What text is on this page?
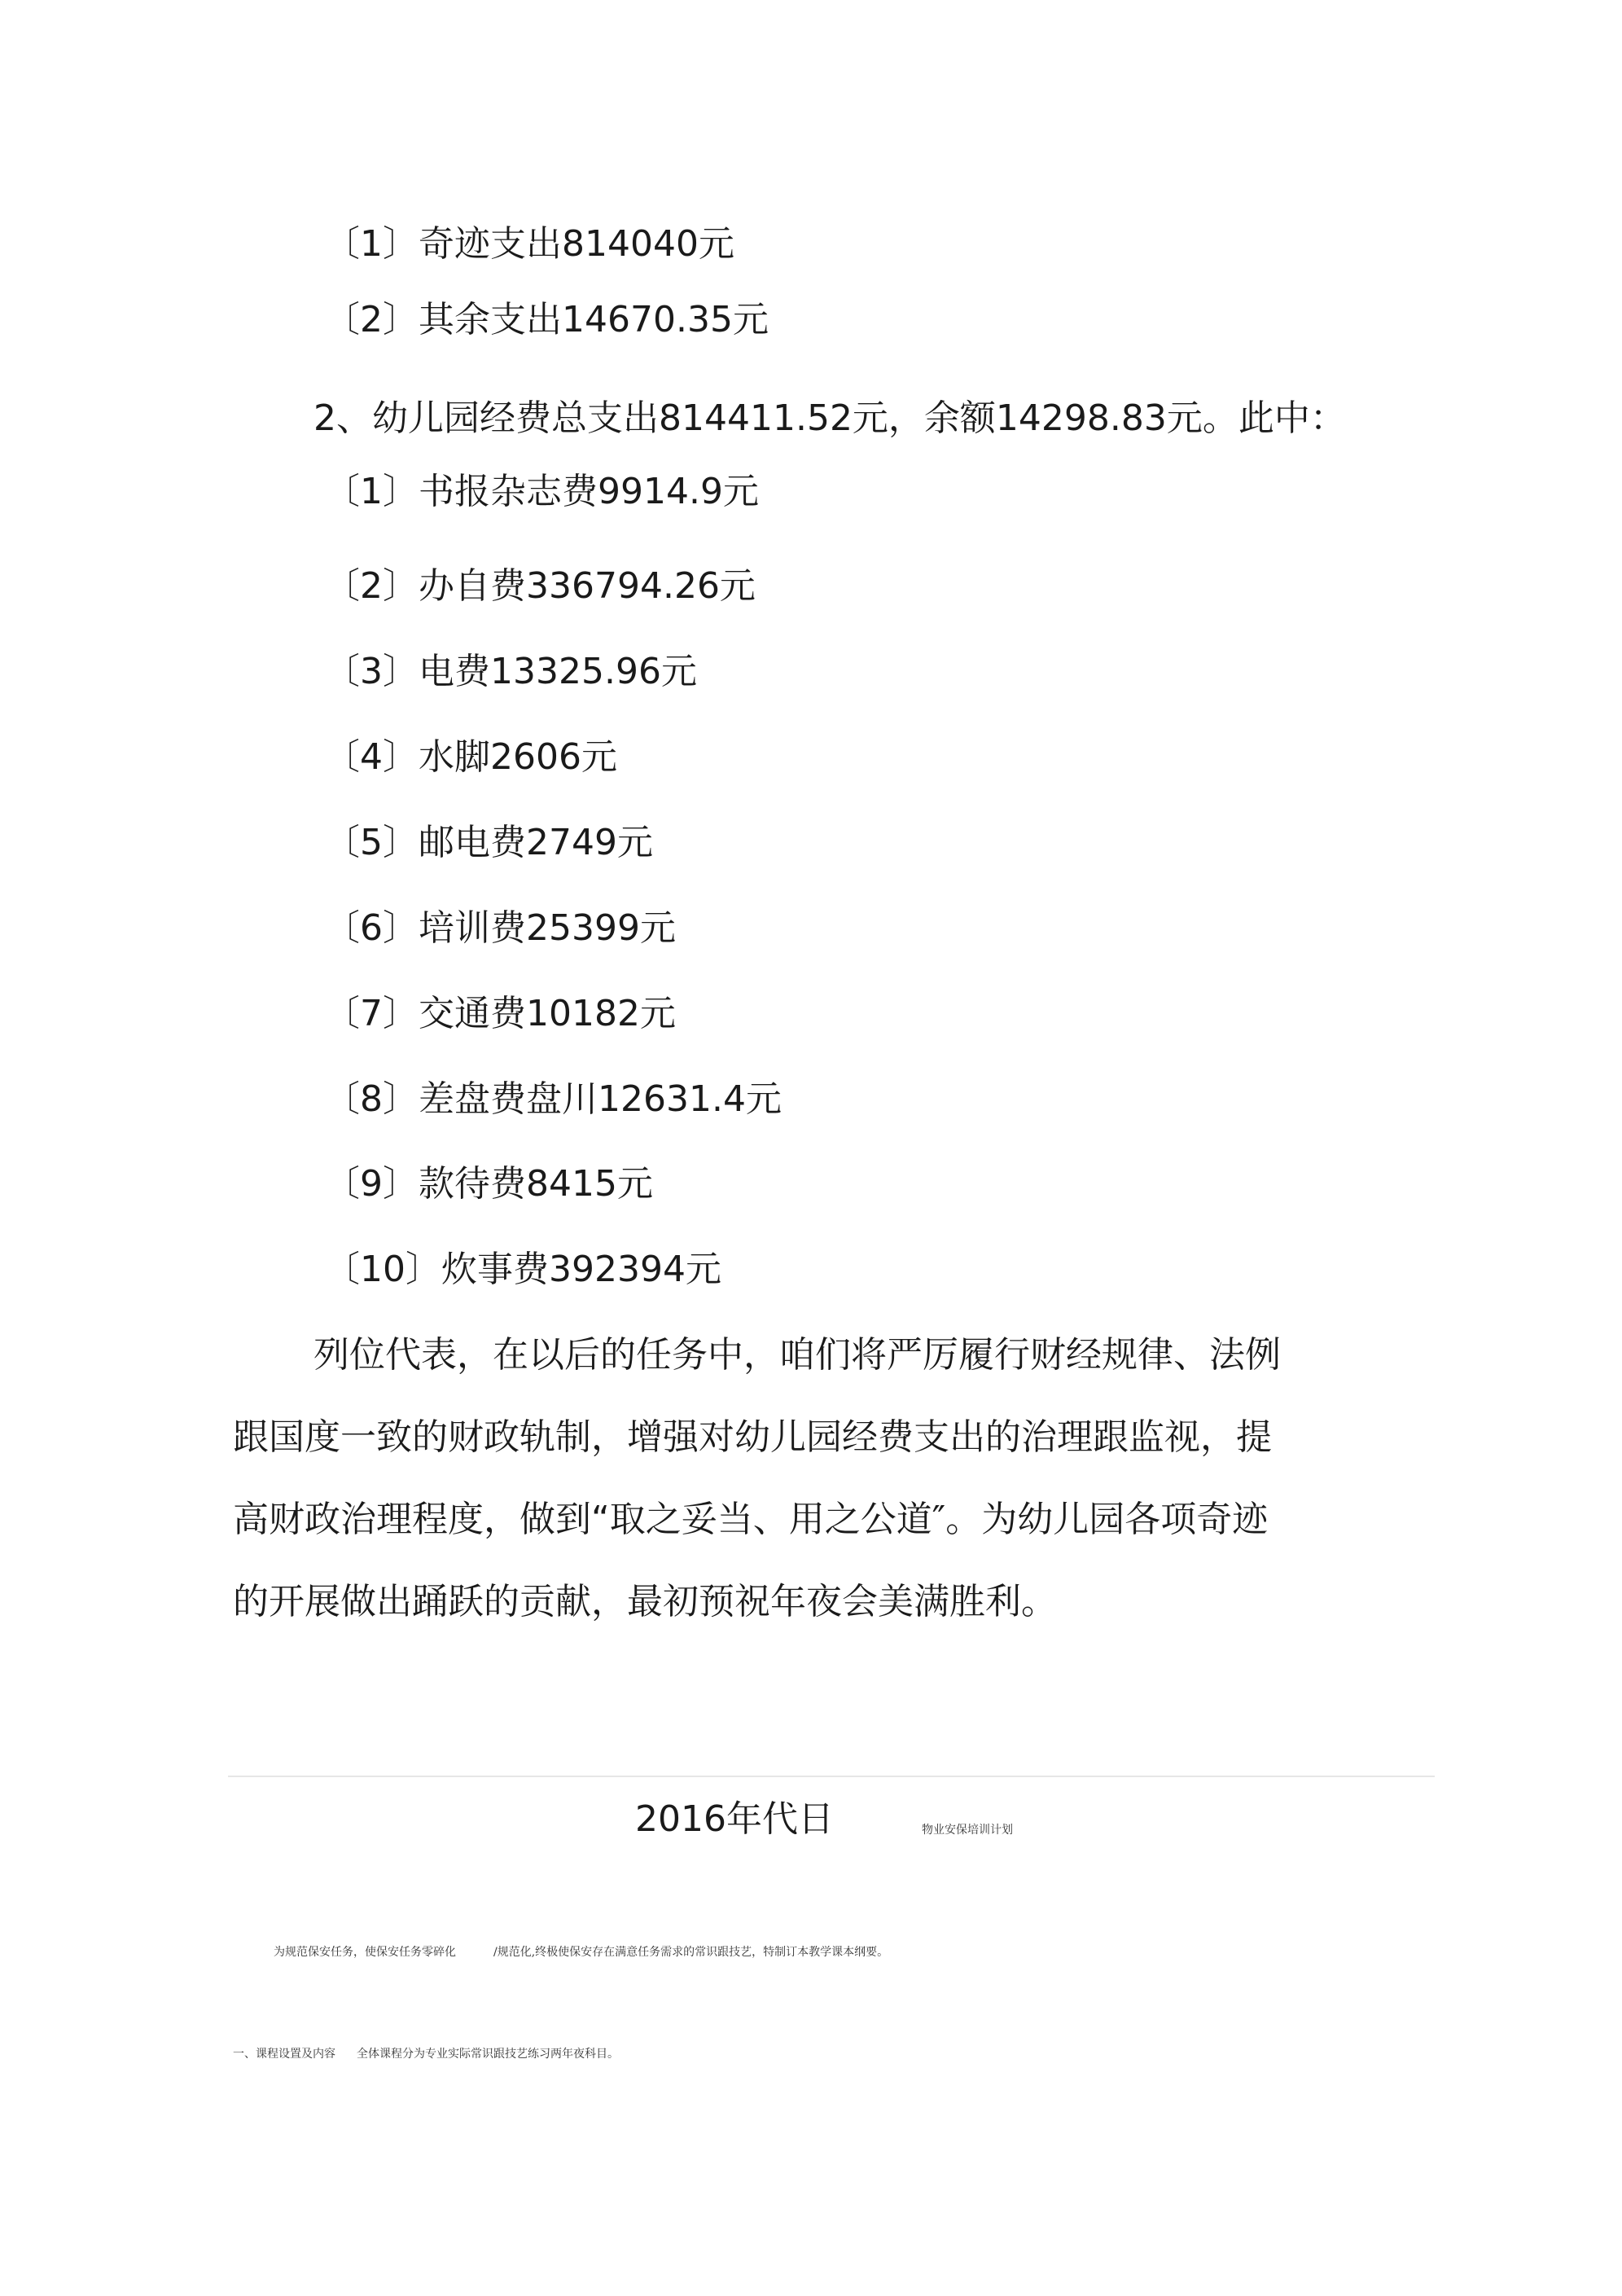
〔1〕奇迹支出814040元
〔2〕其余支出14670.35元
2、幼儿园经费总支出814411.52元，余额14298.83元。此中：
〔1〕书报杂志费9914.9元
〔2〕办自费336794.26元
〔3〕电费13325.96元
〔4〕水脚2606元
〔5〕邮电费2749元
〔6〕培训费25399元
〔7〕交通费10182元
〔8〕差盘费盘川12631.4元
〔9〕款待费8415元
〔10〕炊事费392394元
列位代表，在以后的任务中，咱们将严厉履行财经规律、法例
跟国度一致的财政轨制，增强对幼儿园经费支出的治理跟监视，提
高财政治理程度，做到“取之妥当、用之公道″。为幼儿园各项奇迹
的开展做出踊跃的贡献，最初预祝年夜会美满胜利。
2016年代日	物业安保培训计划
为规范保安任务，使保安任务零碎化	/规范化,终极使保安存在满意任务需求的常识跟技艺，特制订本教学课本纲要。
一、课程设置及内容 全体课程分为专业实际常识跟技艺练习两年夜科目。
